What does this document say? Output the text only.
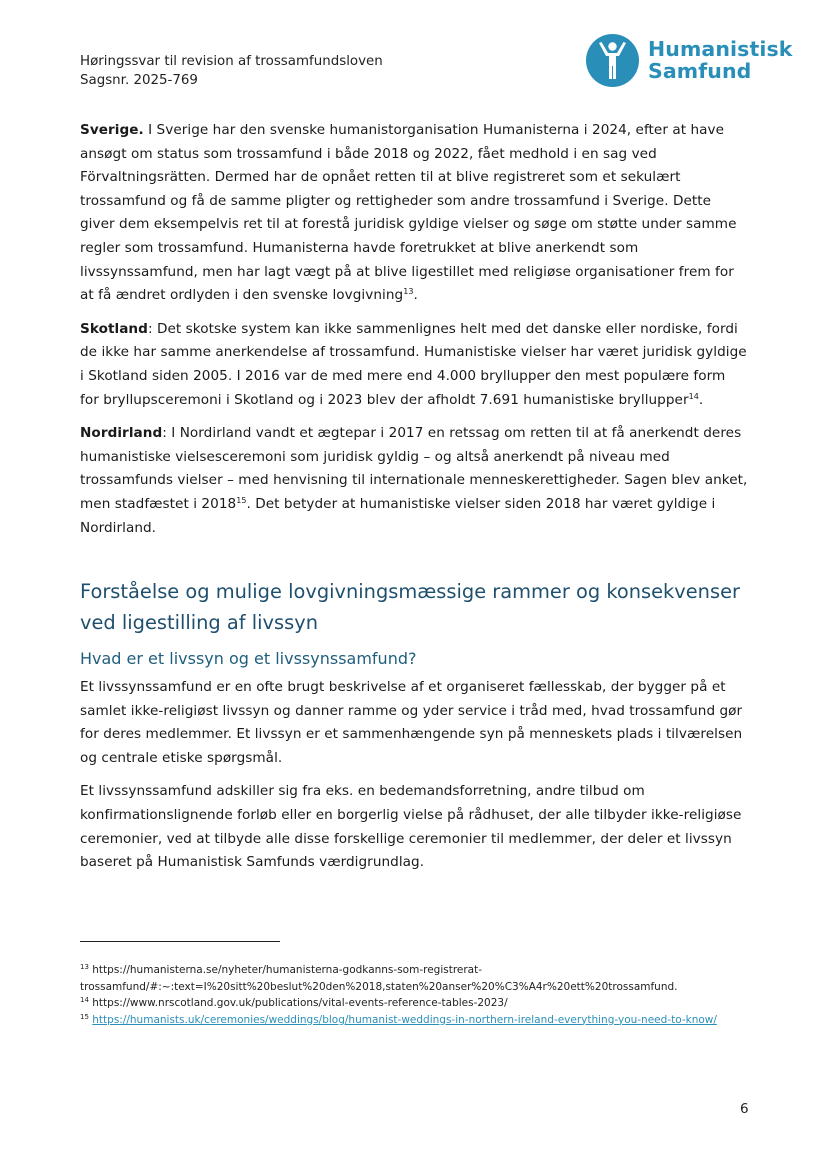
Høringssvar til revision af trossamfundsloven
Sagsnr. 2025-769
Humanistisk
Samfund

Sverige. I Sverige har den svenske humanistorganisation Humanisterna i 2024, efter at have ansøgt om status som trossamfund i både 2018 og 2022, fået medhold i en sag ved Förvaltningsrätten. Dermed har de opnået retten til at blive registreret som et sekulært trossamfund og få de samme pligter og rettigheder som andre trossamfund i Sverige. Dette giver dem eksempelvis ret til at forestå juridisk gyldige vielser og søge om støtte under samme regler som trossamfund. Humanisterna havde foretrukket at blive anerkendt som livssynssamfund, men har lagt vægt på at blive ligestillet med religiøse organisationer frem for at få ændret ordlyden i den svenske lovgivning$^{13}$.

Skotland: Det skotske system kan ikke sammenlignes helt med det danske eller nordiske, fordi de ikke har samme anerkendelse af trossamfund. Humanistiske vielser har været juridisk gyldige i Skotland siden 2005. I 2016 var de med mere end 4.000 bryllupper den mest populære form for bryllupsceremoni i Skotland og i 2023 blev der afholdt 7.691 humanistiske bryllupper$^{14}$.

Nordirland: I Nordirland vandt et ægtepar i 2017 en retssag om retten til at få anerkendt deres humanistiske vielsesceremoni som juridisk gyldig – og altså anerkendt på niveau med trossamfunds vielser – med henvisning til internationale menneskerettigheder. Sagen blev anket, men stadfæstet i 2018$^{15}$. Det betyder at humanistiske vielser siden 2018 har været gyldige i Nordirland.

Forståelse og mulige lovgivningsmæssige rammer og konsekvenser ved ligestilling af livssyn
Hvad er et livssyn og et livssynssamfund?

Et livssynssamfund er en ofte brugt beskrivelse af et organiseret fællesskab, der bygger på et samlet ikke-religiøst livssyn og danner ramme og yder service i tråd med, hvad trossamfund gør for deres medlemmer. Et livssyn er et sammenhængende syn på menneskets plads i tilværelsen og centrale etiske spørgsmål.

Et livssynssamfund adskiller sig fra eks. en bedemandsforretning, andre tilbud om konfirmationslignende forløb eller en borgerlig vielse på rådhuset, der alle tilbyder ikke-religiøse ceremonier, ved at tilbyde alle disse forskellige ceremonier til medlemmer, der deler et livssyn baseret på Humanistisk Samfunds værdigrundlag.

$^{13}$ https://humanisterna.se/nyheter/humanisterna-godkanns-som-registrerat-trossamfund/#:~:text=I%20sitt%20beslut%20den%2018,staten%20anser%20%C3%A4r%20ett%20trossamfund.
$^{14}$ https://www.nrscotland.gov.uk/publications/vital-events-reference-tables-2023/
$^{15}$ https://humanists.uk/ceremonies/weddings/blog/humanist-weddings-in-northern-ireland-everything-you-need-to-know/
6
